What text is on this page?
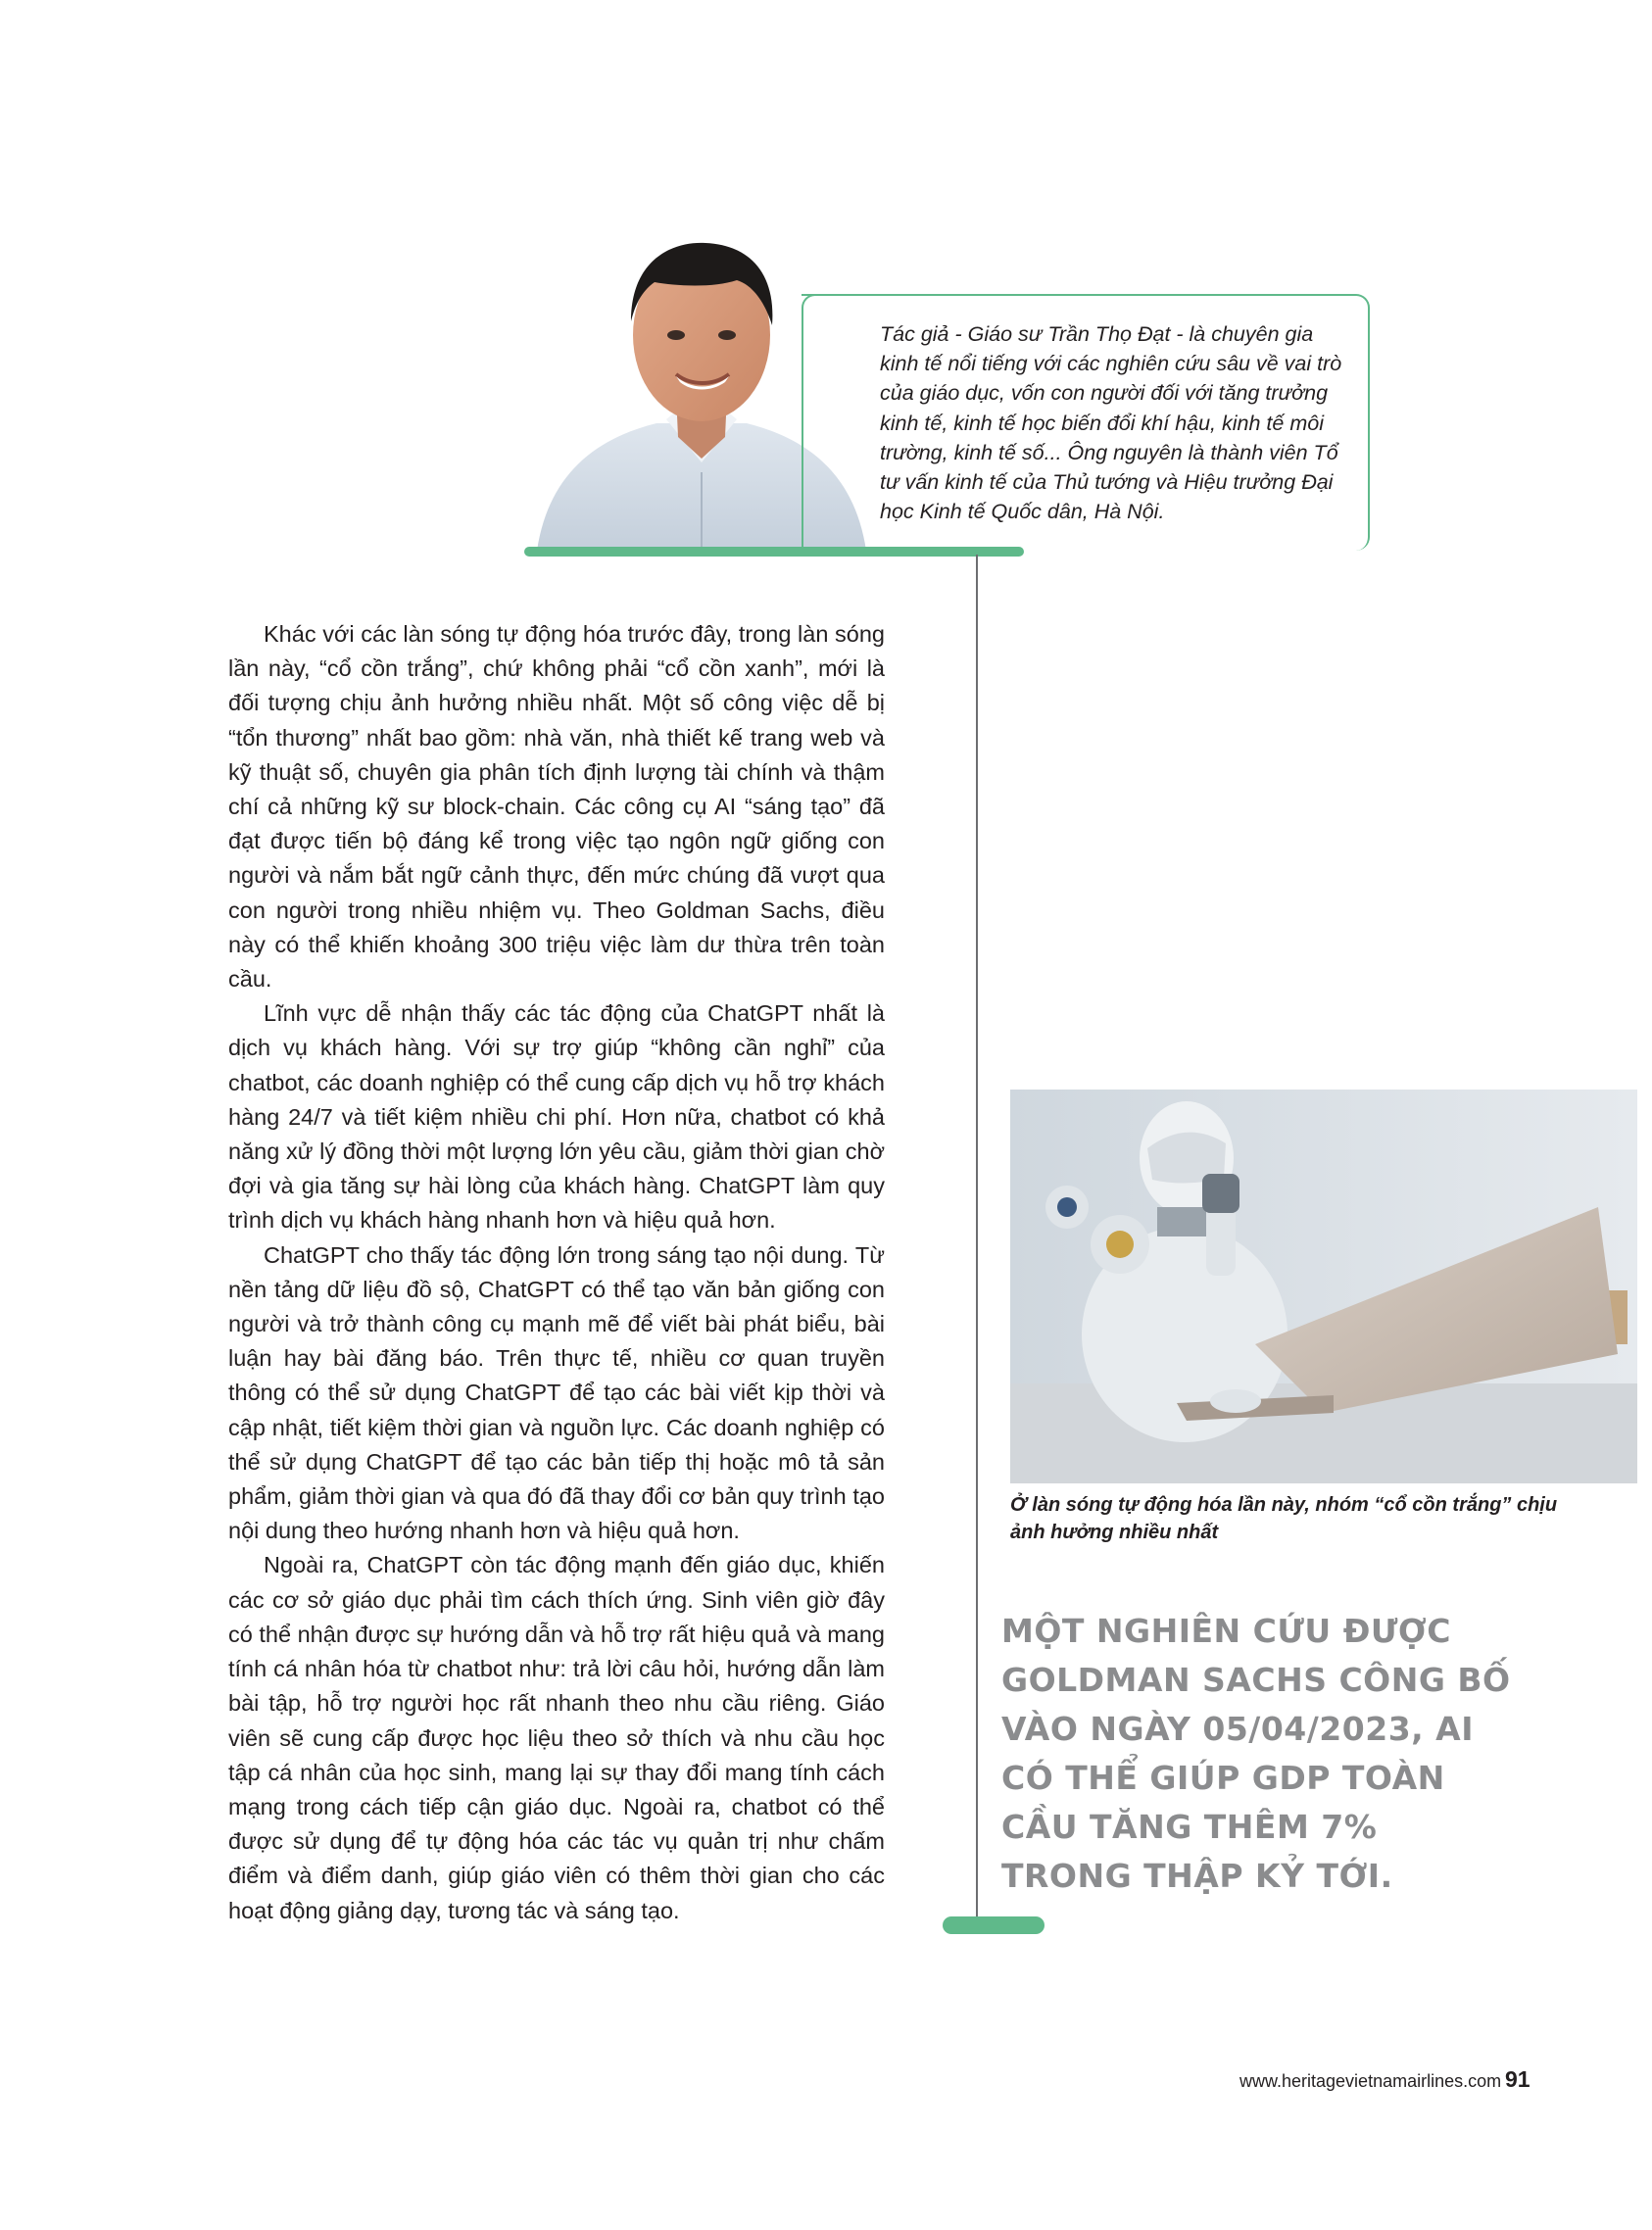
Tác giả - Giáo sư Trần Thọ Đạt - là chuyên gia kinh tế nổi tiếng với các nghiên cứu sâu về vai trò của giáo dục, vốn con người đối với tăng trưởng kinh tế, kinh tế học biến đổi khí hậu, kinh tế môi trường, kinh tế số... Ông nguyên là thành viên Tổ tư vấn kinh tế của Thủ tướng và Hiệu trưởng Đại học Kinh tế Quốc dân, Hà Nội.

Khác với các làn sóng tự động hóa trước đây, trong làn sóng lần này, “cổ cồn trắng”, chứ không phải “cổ cồn xanh”, mới là đối tượng chịu ảnh hưởng nhiều nhất. Một số công việc dễ bị “tổn thương” nhất bao gồm: nhà văn, nhà thiết kế trang web và kỹ thuật số, chuyên gia phân tích định lượng tài chính và thậm chí cả những kỹ sư block-chain. Các công cụ AI “sáng tạo” đã đạt được tiến bộ đáng kể trong việc tạo ngôn ngữ giống con người và nắm bắt ngữ cảnh thực, đến mức chúng đã vượt qua con người trong nhiều nhiệm vụ. Theo Goldman Sachs, điều này có thể khiến khoảng 300 triệu việc làm dư thừa trên toàn cầu.

Lĩnh vực dễ nhận thấy các tác động của ChatGPT nhất là dịch vụ khách hàng. Với sự trợ giúp “không cần nghỉ” của chatbot, các doanh nghiệp có thể cung cấp dịch vụ hỗ trợ khách hàng 24/7 và tiết kiệm nhiều chi phí. Hơn nữa, chatbot có khả năng xử lý đồng thời một lượng lớn yêu cầu, giảm thời gian chờ đợi và gia tăng sự hài lòng của khách hàng. ChatGPT làm quy trình dịch vụ khách hàng nhanh hơn và hiệu quả hơn.

ChatGPT cho thấy tác động lớn trong sáng tạo nội dung. Từ nền tảng dữ liệu đồ sộ, ChatGPT có thể tạo văn bản giống con người và trở thành công cụ mạnh mẽ để viết bài phát biểu, bài luận hay bài đăng báo. Trên thực tế, nhiều cơ quan truyền thông có thể sử dụng ChatGPT để tạo các bài viết kịp thời và cập nhật, tiết kiệm thời gian và nguồn lực. Các doanh nghiệp có thể sử dụng ChatGPT để tạo các bản tiếp thị hoặc mô tả sản phẩm, giảm thời gian và qua đó đã thay đổi cơ bản quy trình tạo nội dung theo hướng nhanh hơn và hiệu quả hơn.

Ngoài ra, ChatGPT còn tác động mạnh đến giáo dục, khiến các cơ sở giáo dục phải tìm cách thích ứng. Sinh viên giờ đây có thể nhận được sự hướng dẫn và hỗ trợ rất hiệu quả và mang tính cá nhân hóa từ chatbot như: trả lời câu hỏi, hướng dẫn làm bài tập, hỗ trợ người học rất nhanh theo nhu cầu riêng. Giáo viên sẽ cung cấp được học liệu theo sở thích và nhu cầu học tập cá nhân của học sinh, mang lại sự thay đổi mang tính cách mạng trong cách tiếp cận giáo dục. Ngoài ra, chatbot có thể được sử dụng để tự động hóa các tác vụ quản trị như chấm điểm và điểm danh, giúp giáo viên có thêm thời gian cho các hoạt động giảng dạy, tương tác và sáng tạo.

Ở làn sóng tự động hóa lần này, nhóm “cổ cồn trắng” chịu ảnh hưởng nhiều nhất
MỘT NGHIÊN CỨU ĐƯỢC GOLDMAN SACHS CÔNG BỐ VÀO NGÀY 05/04/2023, AI CÓ THỂ GIÚP GDP TOÀN CẦU TĂNG THÊM 7% TRONG THẬP KỶ TỚI.
www.heritagevietnamairlines.com 91
